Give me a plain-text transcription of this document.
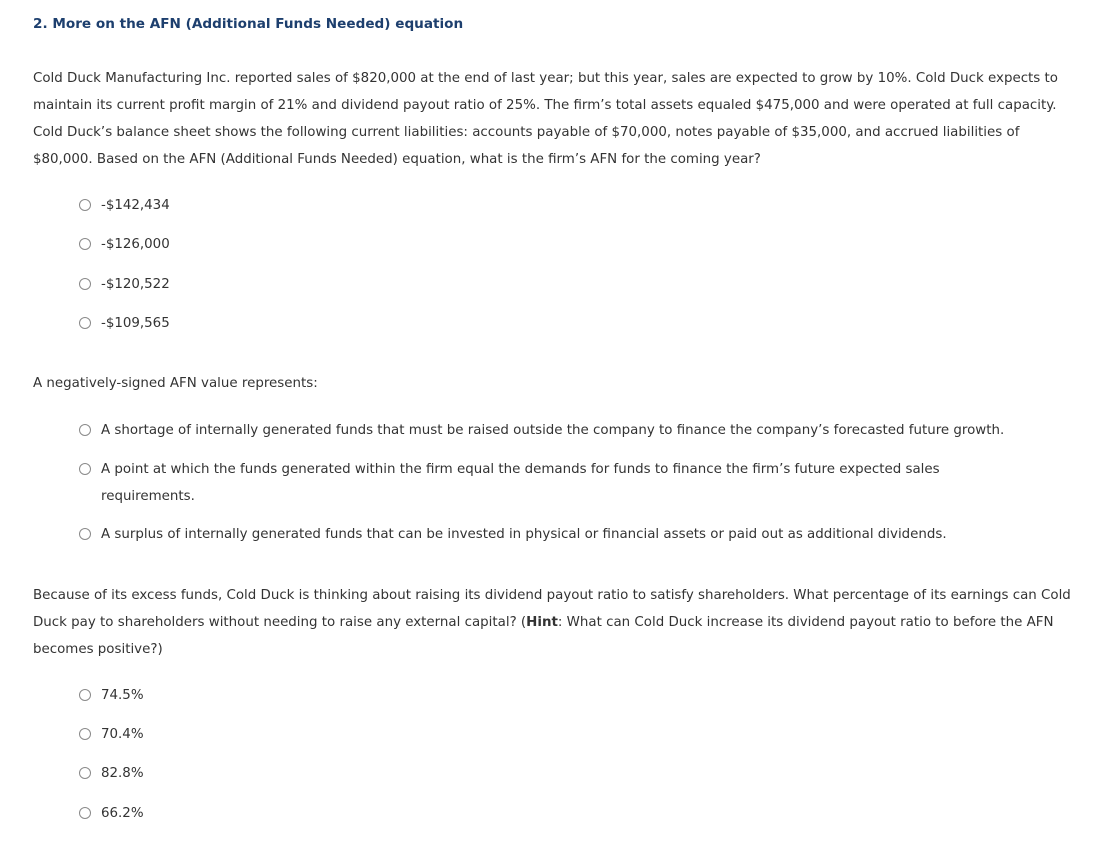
2. More on the AFN (Additional Funds Needed) equation
Cold Duck Manufacturing Inc. reported sales of $820,000 at the end of last year; but this year, sales are expected to grow by 10%. Cold Duck expects to maintain its current profit margin of 21% and dividend payout ratio of 25%. The firm’s total assets equaled $475,000 and were operated at full capacity. Cold Duck’s balance sheet shows the following current liabilities: accounts payable of $70,000, notes payable of $35,000, and accrued liabilities of $80,000. Based on the AFN (Additional Funds Needed) equation, what is the firm’s AFN for the coming year?
-$142,434
-$126,000
-$120,522
-$109,565
A negatively-signed AFN value represents:
A shortage of internally generated funds that must be raised outside the company to finance the company’s forecasted future growth.
A point at which the funds generated within the firm equal the demands for funds to finance the firm’s future expected sales requirements.
A surplus of internally generated funds that can be invested in physical or financial assets or paid out as additional dividends.
Because of its excess funds, Cold Duck is thinking about raising its dividend payout ratio to satisfy shareholders. What percentage of its earnings can Cold Duck pay to shareholders without needing to raise any external capital? (Hint: What can Cold Duck increase its dividend payout ratio to before the AFN becomes positive?)
74.5%
70.4%
82.8%
66.2%
